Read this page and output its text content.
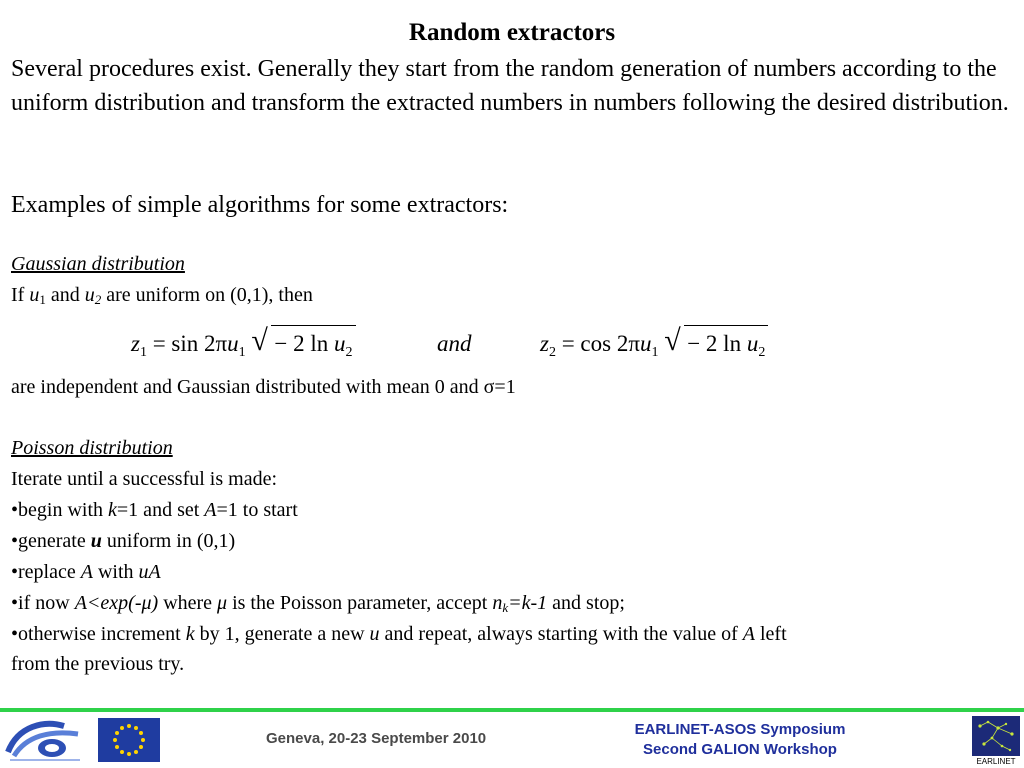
Random extractors
Several procedures exist. Generally they start from the random generation of numbers according to the uniform distribution and transform the extracted numbers in numbers following the desired distribution.
Examples of simple algorithms for some extractors:
Gaussian distribution
If u1 and u2 are uniform on (0,1), then
$z_1 = \sin 2\pi u_1$ √ − 2 $\ln u_2$	and	$z_2 = \cos 2\pi u_1$ √ − 2 $\ln u_2$
are independent and Gaussian distributed with mean 0 and σ=1
Poisson distribution
Iterate until a successful is made:
•begin with k=1 and set A=1 to start
•generate u uniform in (0,1)
•replace A with uA
•if now A<exp(-μ) where μ is the Poisson parameter, accept nk=k-1 and stop;
•otherwise increment k by 1, generate a new u and repeat, always starting with the value of A left
from the previous try.
Geneva, 20-23 September 2010
EARLINET-ASOS Symposium
Second GALION Workshop
EARLINET
